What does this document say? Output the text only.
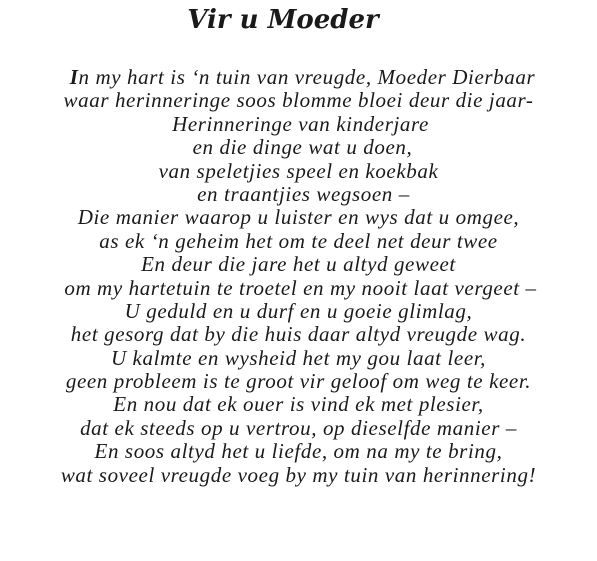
Vir u Moeder
In my hart is ‘n tuin van vreugde, Moeder Dierbaar
waar herinneringe soos blomme bloei deur die jaar-
Herinneringe van kinderjare
en die dinge wat u doen,
van speletjies speel en koekbak
en traantjies wegsoen –
Die manier waarop u luister en wys dat u omgee,
as ek ‘n geheim het om te deel net deur twee
En deur die jare het u altyd geweet
om my hartetuin te troetel en my nooit laat vergeet –
U geduld en u durf en u goeie glimlag,
het gesorg dat by die huis daar altyd vreugde wag.
U kalmte en wysheid het my gou laat leer,
geen probleem is te groot vir geloof om weg te keer.
En nou dat ek ouer is vind ek met plesier,
dat ek steeds op u vertrou, op dieselfde manier –
En soos altyd het u liefde, om na my te bring,
wat soveel vreugde voeg by my tuin van herinnering!
